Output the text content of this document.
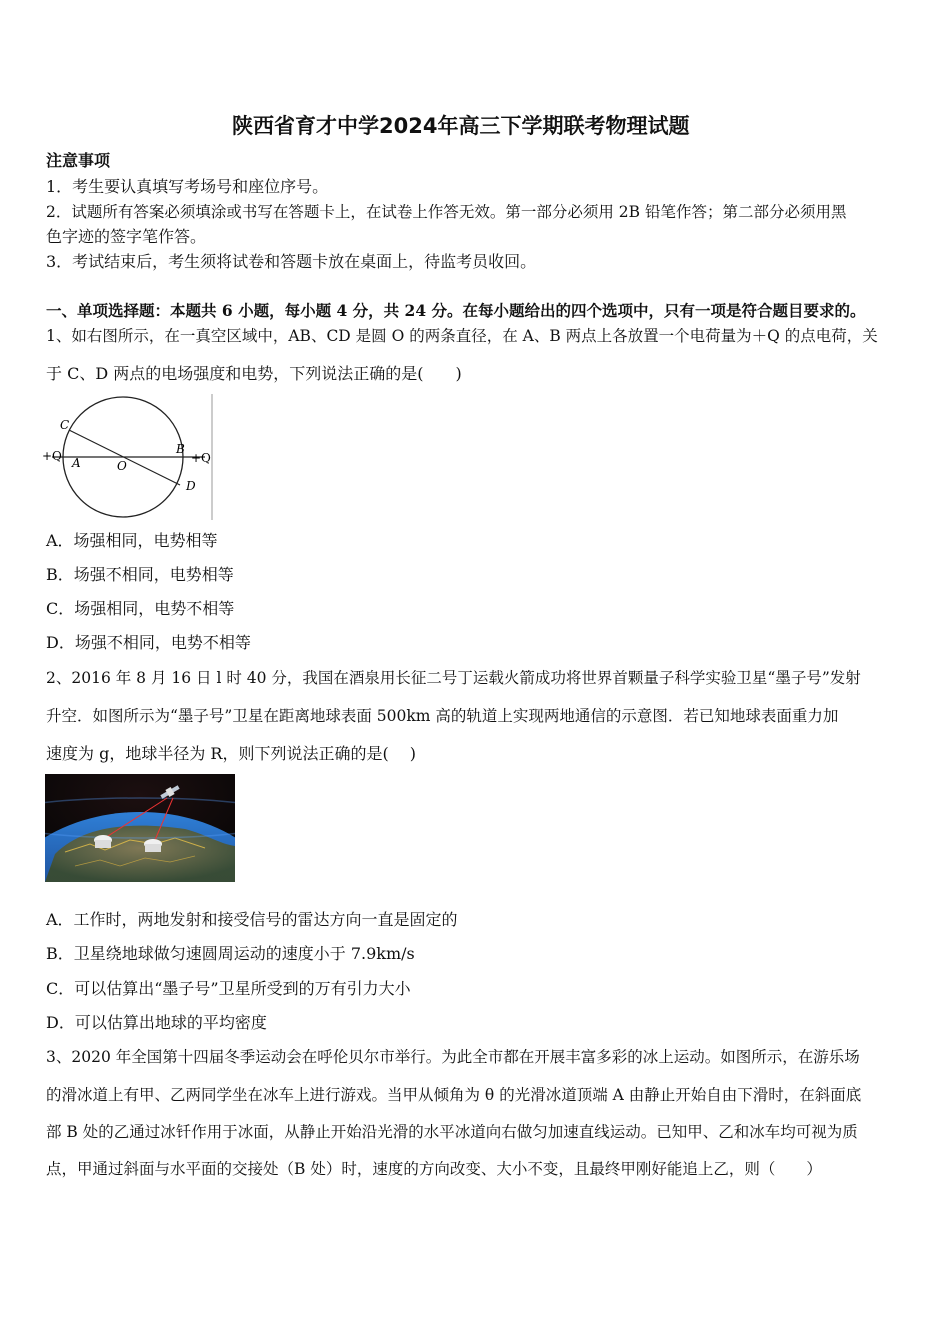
陕西省育才中学2024年高三下学期联考物理试题
注意事项
1．考生要认真填写考场号和座位序号。
2．试题所有答案必须填涂或书写在答题卡上，在试卷上作答无效。第一部分必须用 2B 铅笔作答；第二部分必须用黑
色字迹的签字笔作答。
3．考试结束后，考生须将试卷和答题卡放在桌面上，待监考员收回。
一、单项选择题：本题共 6 小题，每小题 4 分，共 24 分。在每小题给出的四个选项中，只有一项是符合题目要求的。
1、如右图所示，在一真空区域中，AB、CD 是圆 O 的两条直径，在 A、B 两点上各放置一个电荷量为＋Q 的点电荷，关
于 C、D 两点的电场强度和电势，下列说法正确的是(　　)
C
B
+Q	+Q
A	O
D
A．场强相同，电势相等
B．场强不相同，电势相等
C．场强相同，电势不相等
D．场强不相同，电势不相等
2、2016 年 8 月 16 日 l 时 40 分，我国在酒泉用长征二号丁运载火箭成功将世界首颗量子科学实验卫星“墨子号”发射
升空．如图所示为“墨子号”卫星在距离地球表面 500km 高的轨道上实现两地通信的示意图．若已知地球表面重力加
速度为 g，地球半径为 R，则下列说法正确的是(　 )
A．工作时，两地发射和接受信号的雷达方向一直是固定的
B．卫星绕地球做匀速圆周运动的速度小于 7.9km/s
C．可以估算出“墨子号”卫星所受到的万有引力大小
D．可以估算出地球的平均密度
3、2020 年全国第十四届冬季运动会在呼伦贝尔市举行。为此全市都在开展丰富多彩的冰上运动。如图所示，在游乐场
的滑冰道上有甲、乙两同学坐在冰车上进行游戏。当甲从倾角为 θ 的光滑冰道顶端 A 由静止开始自由下滑时，在斜面底
部 B 处的乙通过冰钎作用于冰面，从静止开始沿光滑的水平冰道向右做匀加速直线运动。已知甲、乙和冰车均可视为质
点，甲通过斜面与水平面的交接处（B 处）时，速度的方向改变、大小不变，且最终甲刚好能追上乙，则（　　）
